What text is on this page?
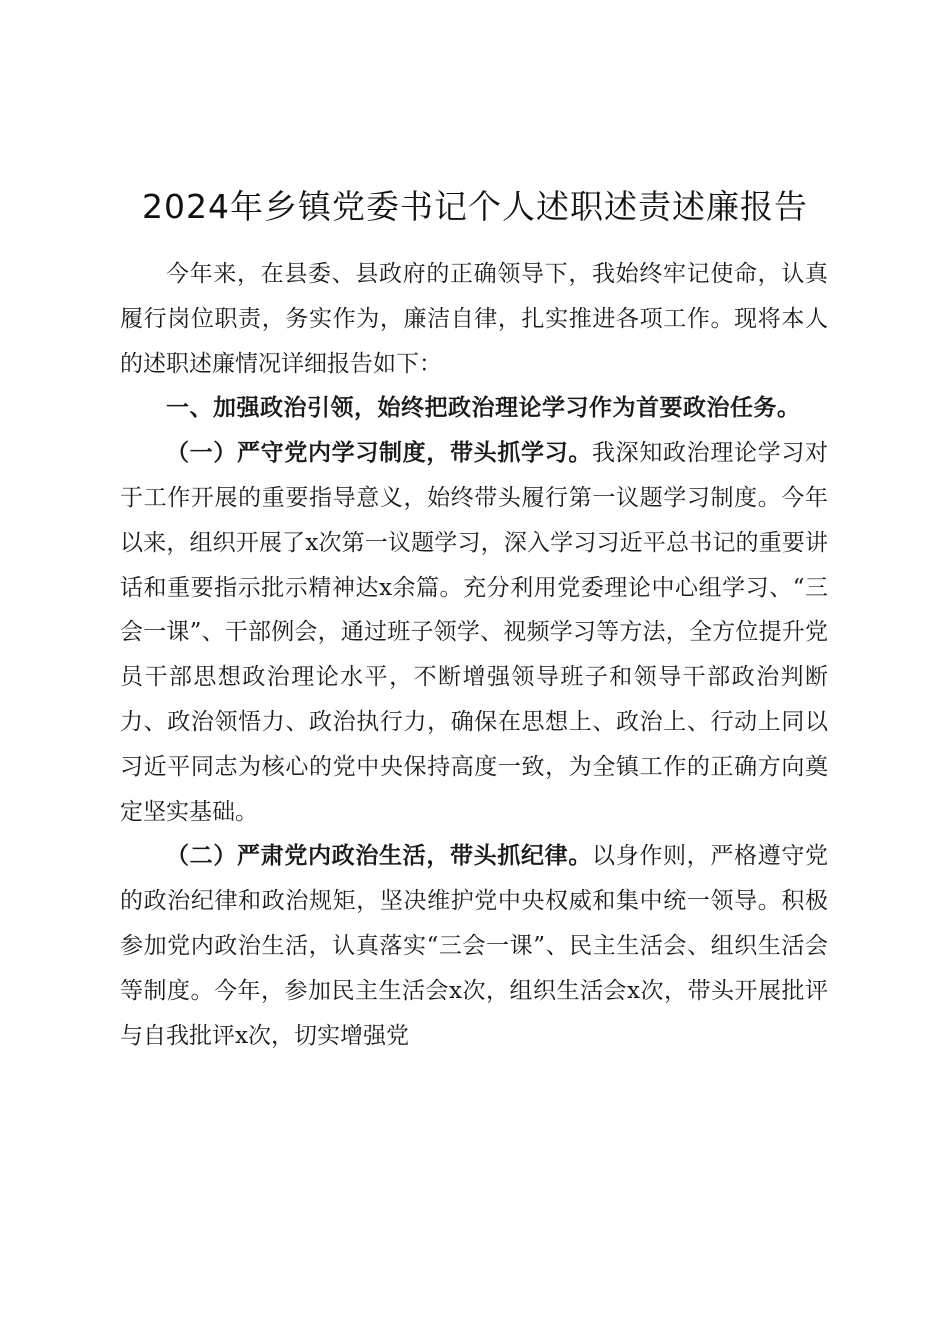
2024年乡镇党委书记个人述职述责述廉报告

今年来，在县委、县政府的正确领导下，我始终牢记使命，认真履行岗位职责，务实作为，廉洁自律，扎实推进各项工作。现将本人的述职述廉情况详细报告如下：

一、加强政治引领，始终把政治理论学习作为首要政治任务。

（一）严守党内学习制度，带头抓学习。我深知政治理论学习对于工作开展的重要指导意义，始终带头履行第一议题学习制度。今年以来，组织开展了x次第一议题学习，深入学习习近平总书记的重要讲话和重要指示批示精神达x余篇。充分利用党委理论中心组学习、“三会一课”、干部例会，通过班子领学、视频学习等方法，全方位提升党员干部思想政治理论水平，不断增强领导班子和领导干部政治判断力、政治领悟力、政治执行力，确保在思想上、政治上、行动上同以习近平同志为核心的党中央保持高度一致，为全镇工作的正确方向奠定坚实基础。

（二）严肃党内政治生活，带头抓纪律。以身作则，严格遵守党的政治纪律和政治规矩，坚决维护党中央权威和集中统一领导。积极参加党内政治生活，认真落实“三会一课”、民主生活会、组织生活会等制度。今年，参加民主生活会x次，组织生活会x次，带头开展批评与自我批评x次，切实增强党
